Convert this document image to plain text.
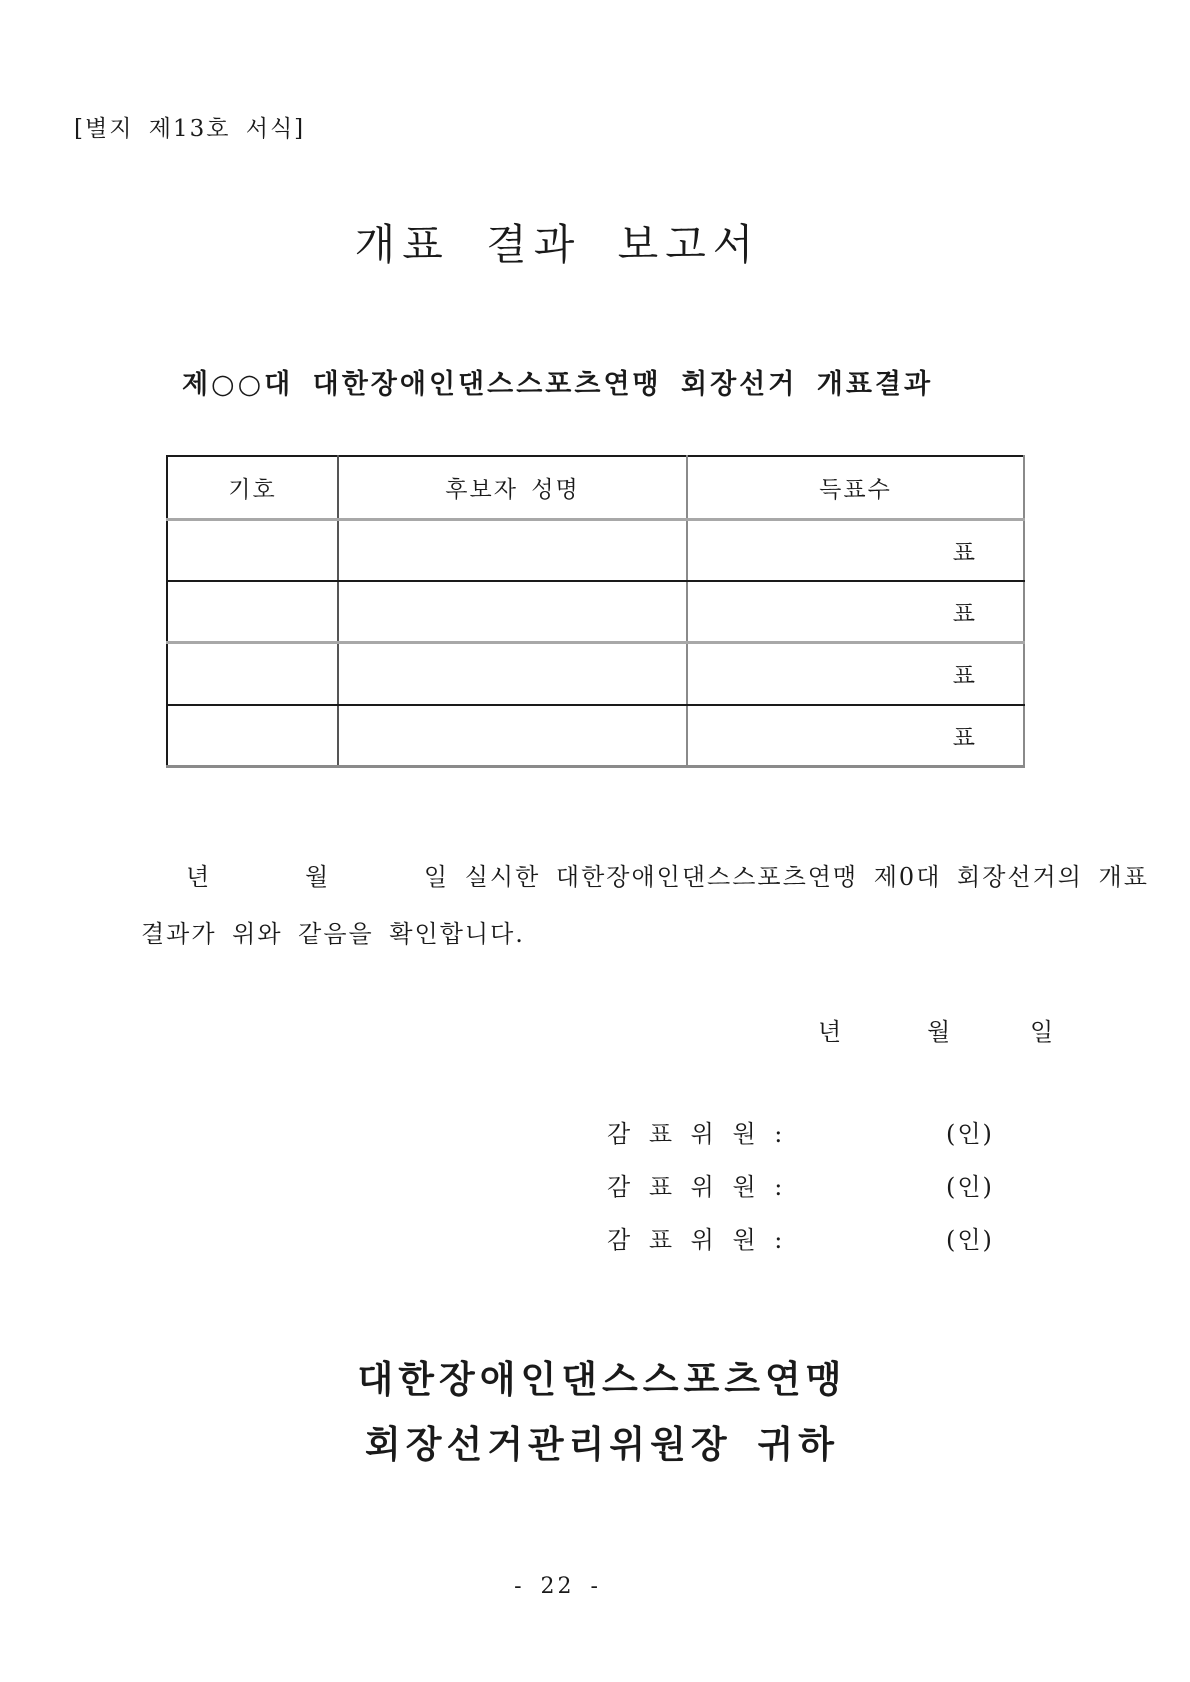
[별지 제13호 서식]
개표 결과 보고서
제○○대 대한장애인댄스스포츠연맹 회장선거 개표결과
기호	후보자 성명	득표수
		표
		표
		표
		표
년      월      일 실시한 대한장애인댄스스포츠연맹 제0대 회장선거의 개표
결과가 위와 같음을 확인합니다.
년	월	일
감 표 위 원 :	(인)
감 표 위 원 :	(인)
감 표 위 원 :	(인)
대한장애인댄스스포츠연맹
회장선거관리위원장 귀하
- 22 -
